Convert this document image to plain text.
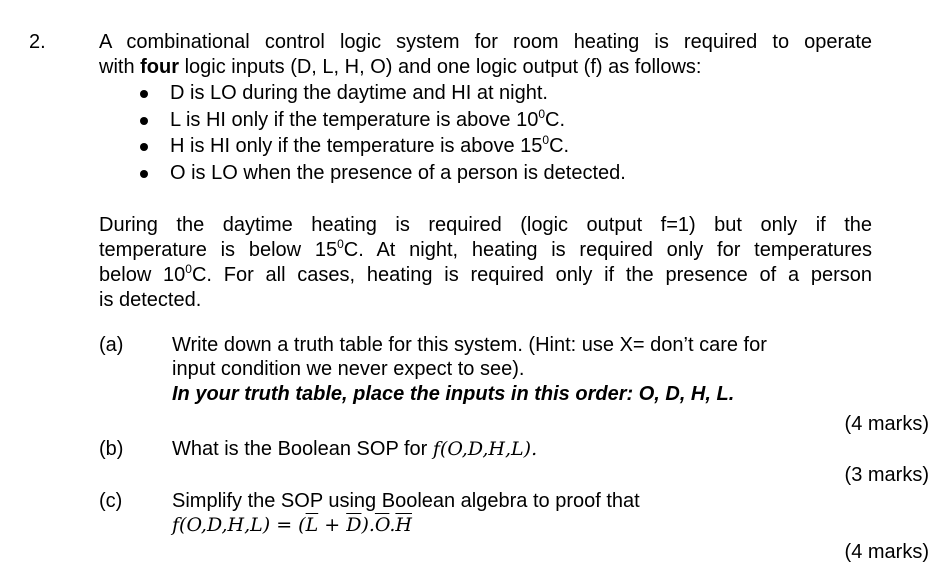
2.	A combinational control logic system for room heating is required to operate
with four logic inputs (D, L, H, O) and one logic output (f) as follows:
D is LO during the daytime and HI at night.
L is HI only if the temperature is above $10^0C$.
H is HI only if the temperature is above $15^0C$.
O is LO when the presence of a person is detected.
During the daytime heating is required (logic output f=1) but only if the
temperature is below $15^0C$. At night, heating is required only for temperatures
below $10^0C$. For all cases, heating is required only if the presence of a person
is detected.
(a) Write down a truth table for this system. (Hint: use X= don’t care for
input condition we never expect to see).
In your truth table, place the inputs in this order: O, D, H, L.
(4 marks)
(b) What is the Boolean SOP for f(O,D,H,L).
(3 marks)
(c) Simplify the SOP using Boolean algebra to proof that
$f(O,D,H,L) = (\overline{L} + \overline{D}).\overline{O}.\overline{H}$
(4 marks)
